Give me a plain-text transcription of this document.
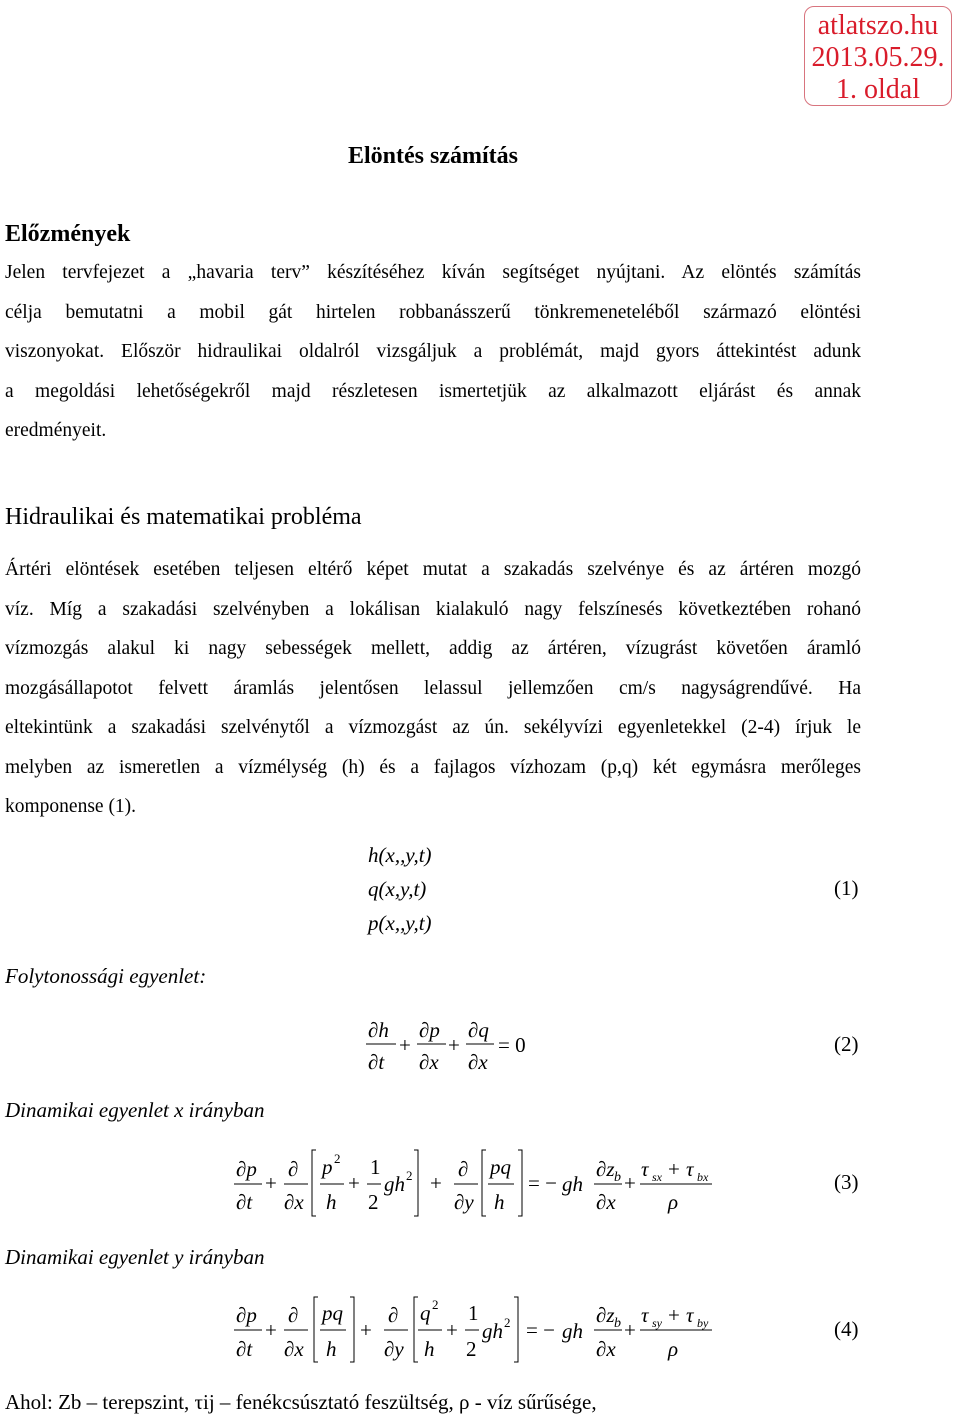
atlatszo.hu
2013.05.29.
1. oldal
Elöntés számítás
Előzmények
Jelen tervfejezet a „havaria terv” készítéséhez kíván segítséget nyújtani. Az elöntés számítás
célja bemutatni a mobil gát hirtelen robbanásszerű tönkremeneteléből származó elöntési
viszonyokat. Először hidraulikai oldalról vizsgáljuk a problémát, majd gyors áttekintést adunk
a megoldási lehetőségekről majd részletesen ismertetjük az alkalmazott eljárást és annak
eredményeit.
Hidraulikai és matematikai probléma
Ártéri elöntések esetében teljesen eltérő képet mutat a szakadás szelvénye és az ártéren mozgó
víz. Míg a szakadási szelvényben a lokálisan kialakuló nagy felszínesés következtében rohanó
vízmozgás alakul ki nagy sebességek mellett, addig az ártéren, vízugrást követően áramló
mozgásállapotot felvett áramlás jelentősen lelassul jellemzően cm/s nagyságrendűvé. Ha
eltekintünk a szakadási szelvénytől a vízmozgást az ún. sekélyvízi egyenletekkel (2-4) írjuk le
melyben az ismeretlen a vízmélység (h) és a fajlagos vízhozam (p,q) két egymásra merőleges
komponense (1).
h(x,,y,t)
q(x,y,t)
p(x,,y,t)
(1)
Folytonossági egyenlet:
∂h
∂t
+
∂p
∂x
+
∂q
∂x
= 0	(2)
Dinamikai egyenlet x irányban
∂p
∂t
+
∂
∂x
p 2
h
+
1
2
gh 2 +
∂
∂y
pq
h
= − gh
∂z b
∂x
+
τ sx + τ bx
ρ
(3)
Dinamikai egyenlet y irányban
∂p
∂t
+
∂
∂x
pq
h
+
∂
∂y
q 2
h
+
1
2
gh 2 = − gh
∂z b
∂x
+
τ sy + τ by
ρ
(4)
Ahol: Zb – terepszint, τij – fenékcsúsztató feszültség, ρ - víz sűrűsége,
